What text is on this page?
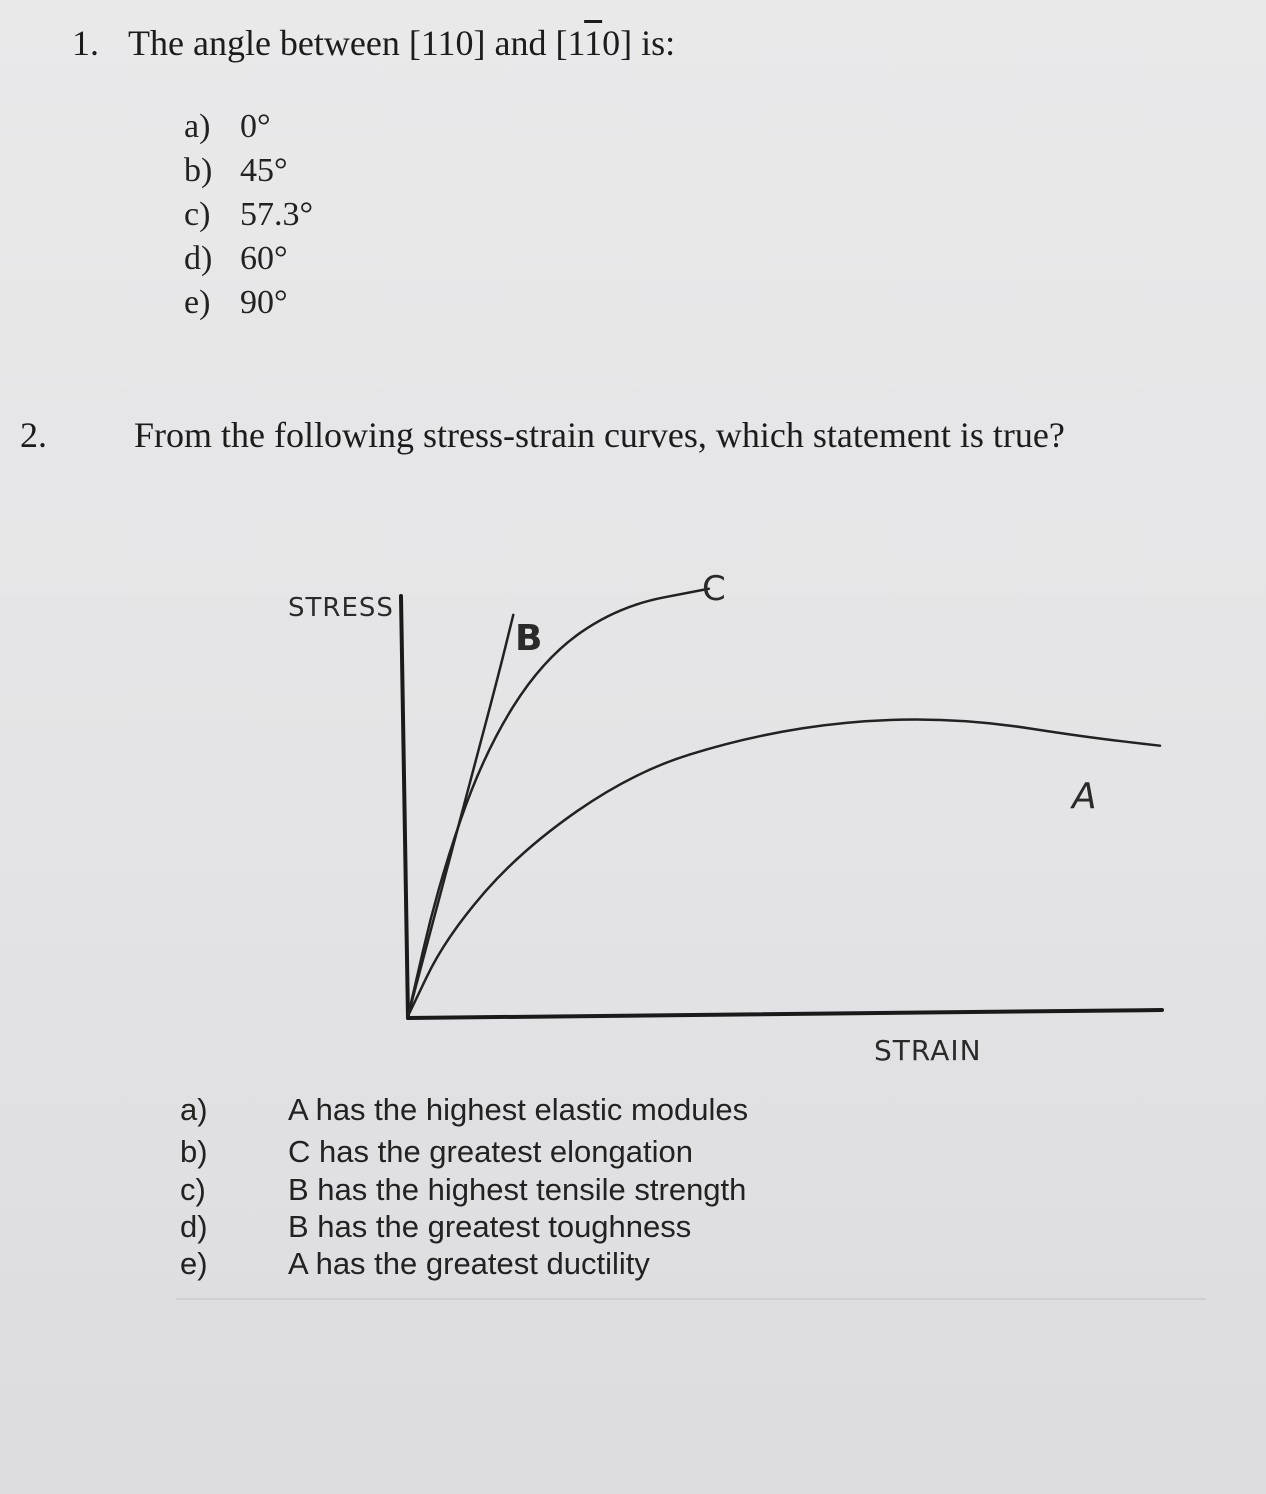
1. The angle between [110] and [110] is:
a) 0°
b) 45°
c) 57.3°
d) 60°
e) 90°
2. From the following stress-strain curves, which statement is true?
STRESS
STRAIN
B
C
A
a)	A has the highest elastic modules
b)	C has the greatest elongation
c)	B has the highest tensile strength
d)	B has the greatest toughness
e)	A has the greatest ductility
